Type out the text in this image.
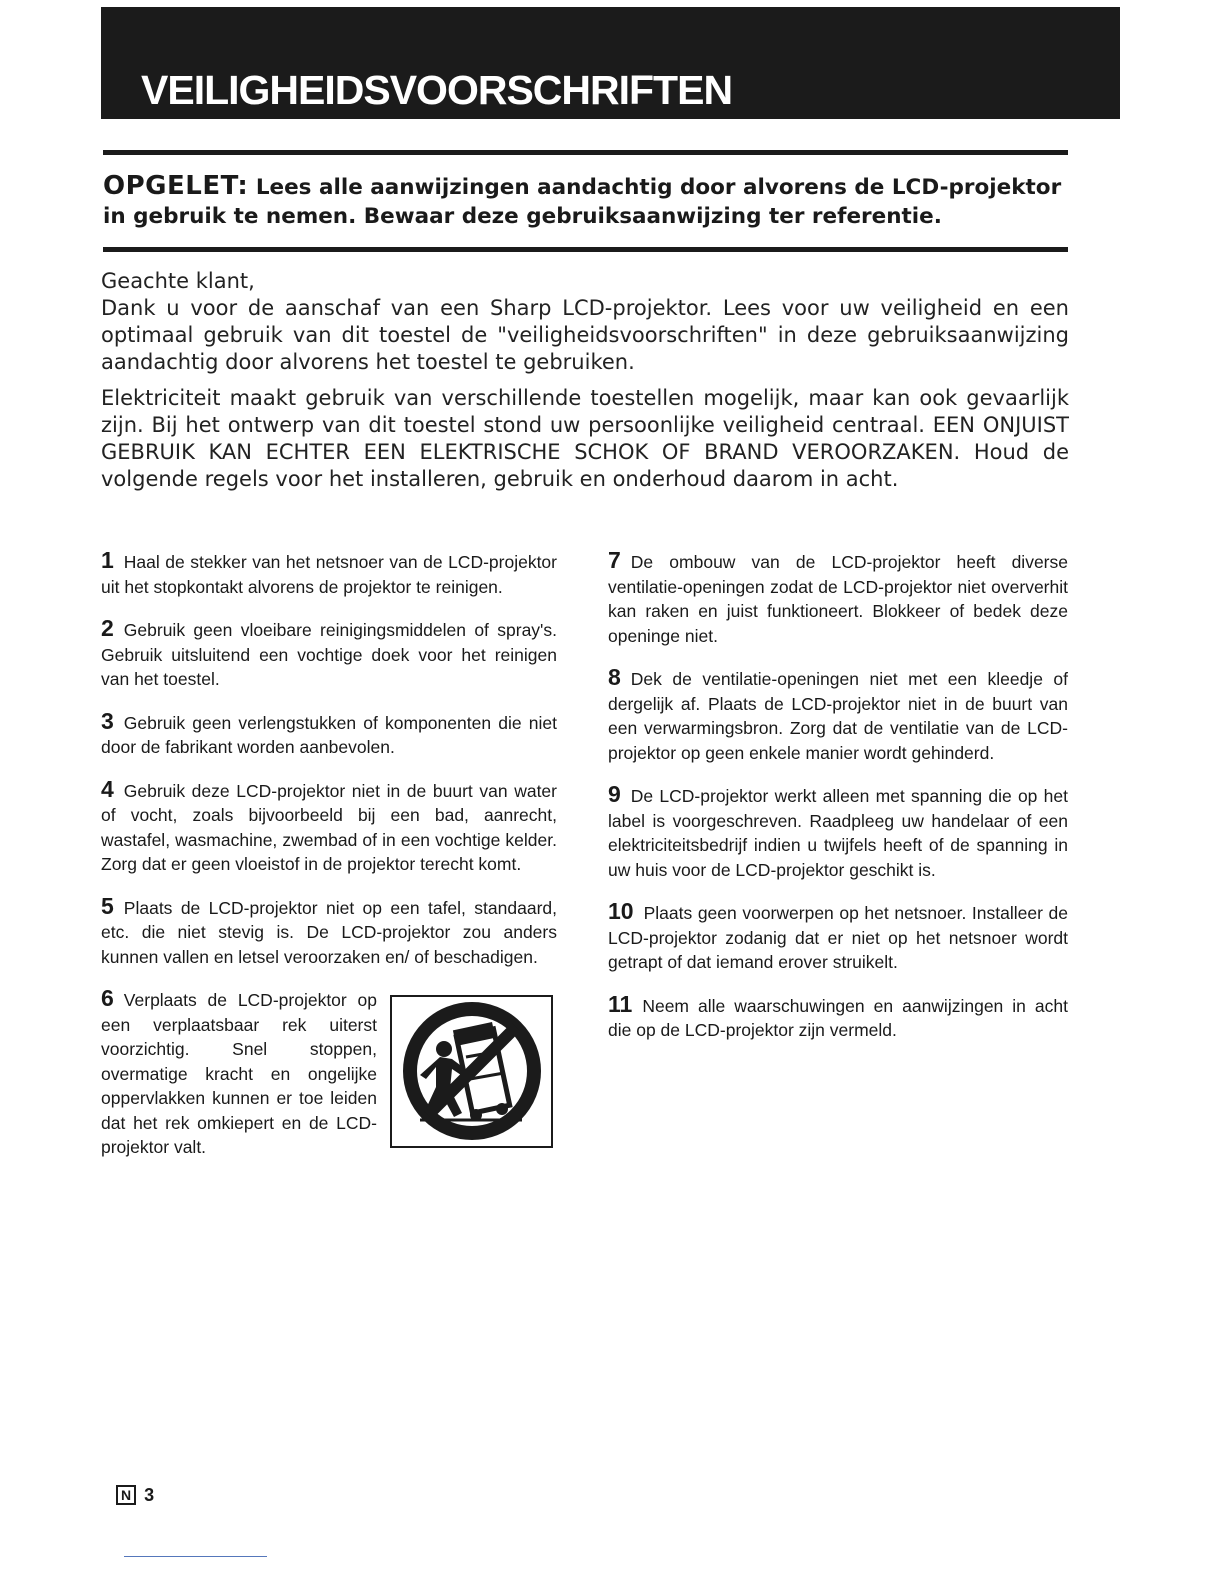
VEILIGHEIDSVOORSCHRIFTEN
OPGELET: Lees alle aanwijzingen aandachtig door alvorens de LCD-projektor in gebruik te nemen. Bewaar deze gebruiksaanwijzing ter referentie.

Geachte klant,

Dank u voor de aanschaf van een Sharp LCD-projektor. Lees voor uw veiligheid en een optimaal gebruik van dit toestel de "veiligheidsvoorschriften" in deze gebruiksaanwijzing aandachtig door alvorens het toestel te gebruiken.

Elektriciteit maakt gebruik van verschillende toestellen mogelijk, maar kan ook gevaarlijk zijn. Bij het ontwerp van dit toestel stond uw persoonlijke veiligheid centraal. EEN ONJUIST GEBRUIK KAN ECHTER EEN ELEKTRISCHE SCHOK OF BRAND VEROORZAKEN. Houd de volgende regels voor het installeren, gebruik en onderhoud daarom in acht.

1 Haal de stekker van het netsnoer van de LCD-projektor uit het stopkontakt alvorens de projektor te reinigen.
2 Gebruik geen vloeibare reinigingsmiddelen of spray's. Gebruik uitsluitend een vochtige doek voor het reinigen van het toestel.
3 Gebruik geen verlengstukken of komponenten die niet door de fabrikant worden aanbevolen.
4 Gebruik deze LCD-projektor niet in de buurt van water of vocht, zoals bijvoorbeeld bij een bad, aanrecht, wastafel, wasmachine, zwembad of in een vochtige kelder. Zorg dat er geen vloeistof in de projektor terecht komt.
5 Plaats de LCD-projektor niet op een tafel, standaard, etc. die niet stevig is. De LCD-projektor zou anders kunnen vallen en letsel veroorzaken en/ of beschadigen.
6 Verplaats de LCD-projektor op een verplaatsbaar rek uiterst voorzichtig. Snel stoppen, overmatige kracht en ongelijke oppervlakken kunnen er toe leiden dat het rek omkiepert en de LCD-projektor valt.
7 De ombouw van de LCD-projektor heeft diverse ventilatie-openingen zodat de LCD-projektor niet oververhit kan raken en juist funktioneert. Blokkeer of bedek deze openinge niet.
8 Dek de ventilatie-openingen niet met een kleedje of dergelijk af. Plaats de LCD-projektor niet in de buurt van een verwarmingsbron. Zorg dat de ventilatie van de LCD-projektor op geen enkele manier wordt gehinderd.
9 De LCD-projektor werkt alleen met spanning die op het label is voorgeschreven. Raadpleeg uw handelaar of een elektriciteitsbedrijf indien u twijfels heeft of de spanning in uw huis voor de LCD-projektor geschikt is.
10 Plaats geen voorwerpen op het netsnoer. Installeer de LCD-projektor zodanig dat er niet op het netsnoer wordt getrapt of dat iemand erover struikelt.
11 Neem alle waarschuwingen en aanwijzingen in acht die op de LCD-projektor zijn vermeld.
N 3
